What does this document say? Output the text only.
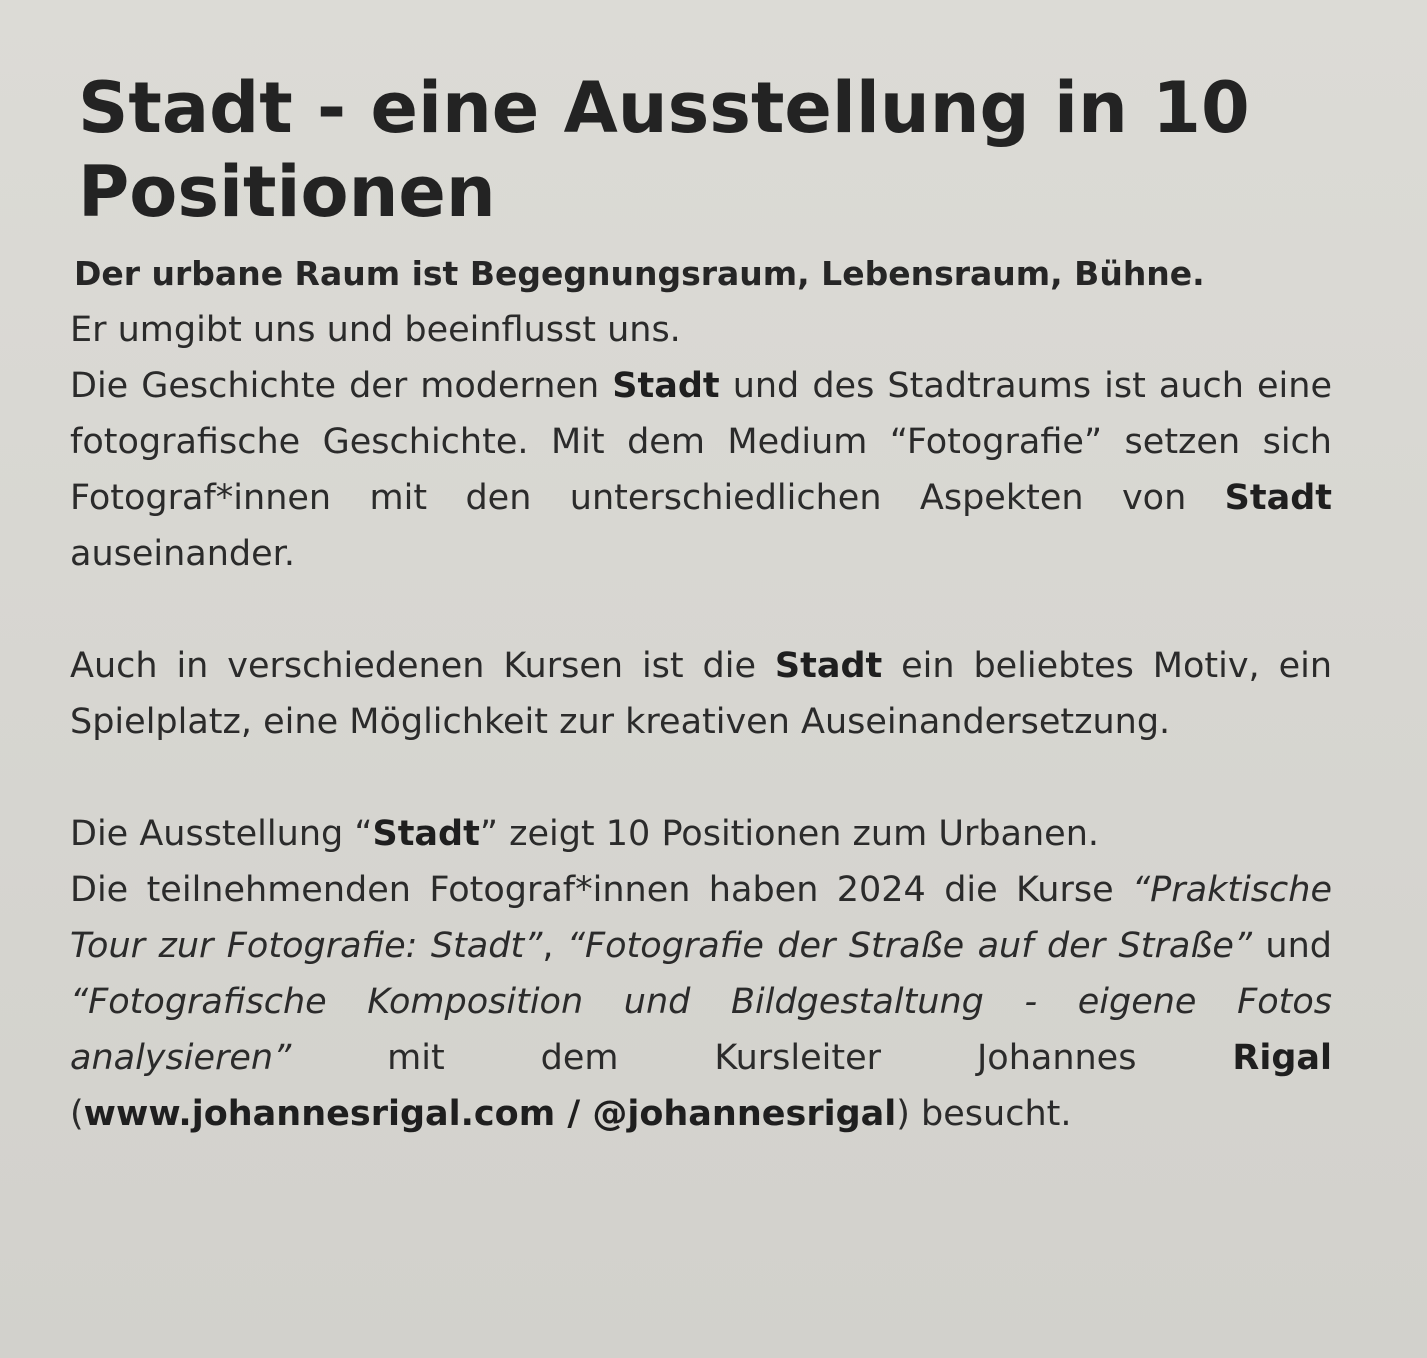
Stadt - eine Ausstellung in 10 Positionen

Der urbane Raum ist Begegnungsraum, Lebensraum, Bühne.

Er umgibt uns und beeinflusst uns.
Die Geschichte der modernen Stadt und des Stadtraums ist auch eine fotografische Geschichte. Mit dem Medium “Fotografie” setzen sich Fotograf*innen mit den unterschiedlichen Aspekten von Stadt auseinander.

Auch in verschiedenen Kursen ist die Stadt ein beliebtes Motiv, ein Spielplatz, eine Möglichkeit zur kreativen Auseinandersetzung.

Die Ausstellung “Stadt” zeigt 10 Positionen zum Urbanen.
Die teilnehmenden Fotograf*innen haben 2024 die Kurse “Praktische Tour zur Fotografie: Stadt”, “Fotografie der Straße auf der Straße” und “Fotografische Komposition und Bildgestaltung - eigene Fotos analysieren” mit dem Kursleiter Johannes Rigal (www.johannesrigal.com / @johannesrigal) besucht.
